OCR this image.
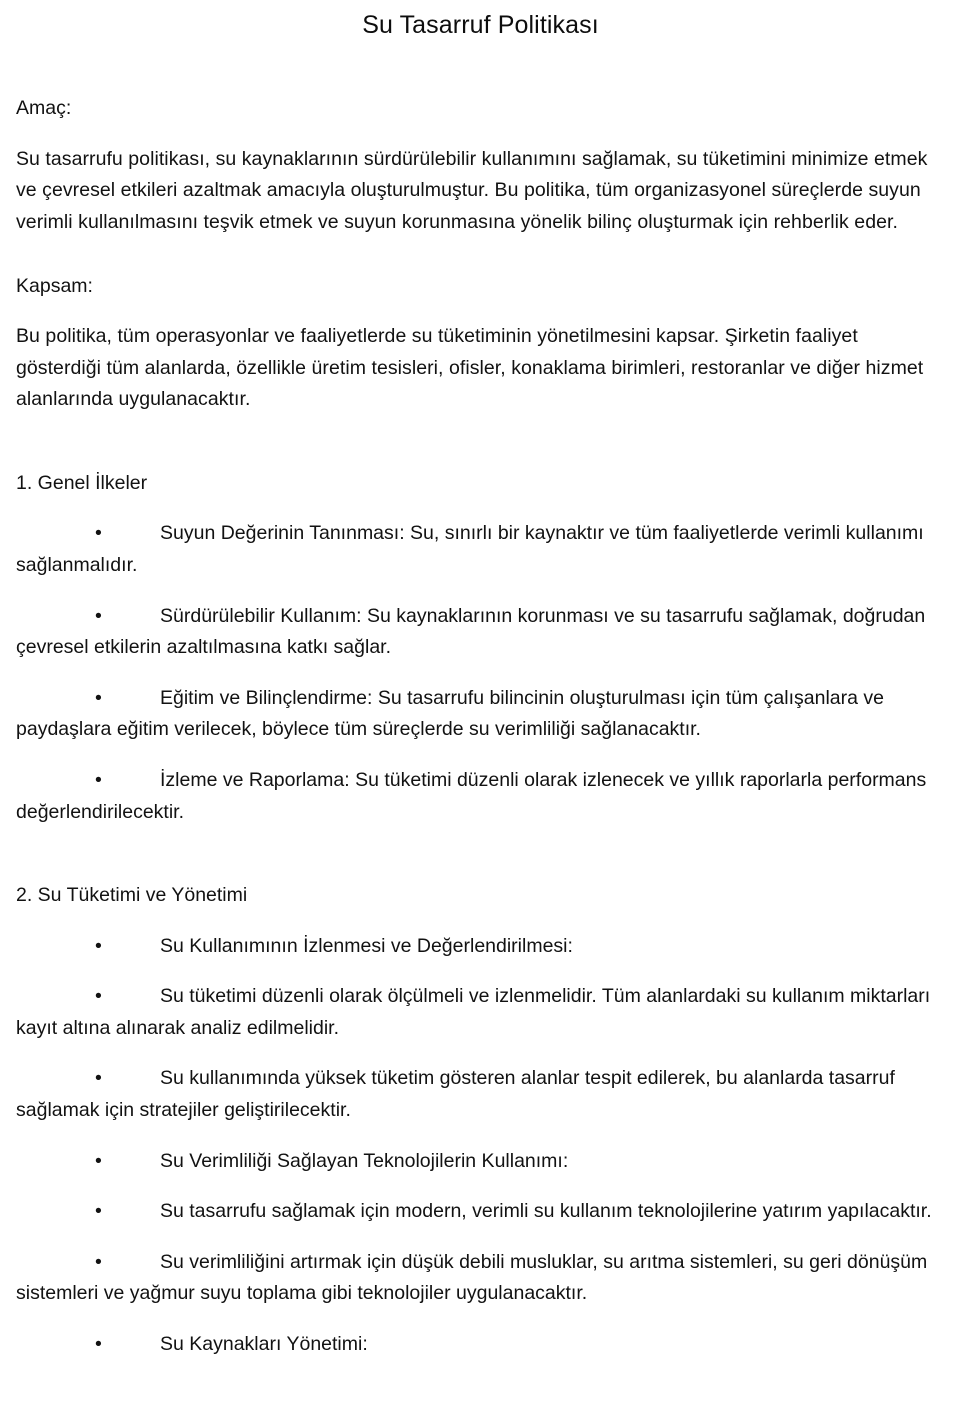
Su Tasarruf Politikası

Amaç:

Su tasarrufu politikası, su kaynaklarının sürdürülebilir kullanımını sağlamak, su tüketimini minimize etmek ve çevresel etkileri azaltmak amacıyla oluşturulmuştur. Bu politika, tüm organizasyonel süreçlerde suyun verimli kullanılmasını teşvik etmek ve suyun korunmasına yönelik bilinç oluşturmak için rehberlik eder.

Kapsam:

Bu politika, tüm operasyonlar ve faaliyetlerde su tüketiminin yönetilmesini kapsar. Şirketin faaliyet gösterdiği tüm alanlarda, özellikle üretim tesisleri, ofisler, konaklama birimleri, restoranlar ve diğer hizmet alanlarında uygulanacaktır.

1. Genel İlkeler

•	Suyun Değerinin Tanınması: Su, sınırlı bir kaynaktır ve tüm faaliyetlerde verimli kullanımı sağlanmalıdır.

•	Sürdürülebilir Kullanım: Su kaynaklarının korunması ve su tasarrufu sağlamak, doğrudan çevresel etkilerin azaltılmasına katkı sağlar.

•	Eğitim ve Bilinçlendirme: Su tasarrufu bilincinin oluşturulması için tüm çalışanlara ve paydaşlara eğitim verilecek, böylece tüm süreçlerde su verimliliği sağlanacaktır.

•	İzleme ve Raporlama: Su tüketimi düzenli olarak izlenecek ve yıllık raporlarla performans değerlendirilecektir.

2. Su Tüketimi ve Yönetimi

•	Su Kullanımının İzlenmesi ve Değerlendirilmesi:

•	Su tüketimi düzenli olarak ölçülmeli ve izlenmelidir. Tüm alanlardaki su kullanım miktarları kayıt altına alınarak analiz edilmelidir.

•	Su kullanımında yüksek tüketim gösteren alanlar tespit edilerek, bu alanlarda tasarruf sağlamak için stratejiler geliştirilecektir.

•	Su Verimliliği Sağlayan Teknolojilerin Kullanımı:

•	Su tasarrufu sağlamak için modern, verimli su kullanım teknolojilerine yatırım yapılacaktır.

•	Su verimliliğini artırmak için düşük debili musluklar, su arıtma sistemleri, su geri dönüşüm sistemleri ve yağmur suyu toplama gibi teknolojiler uygulanacaktır.

•	Su Kaynakları Yönetimi:
